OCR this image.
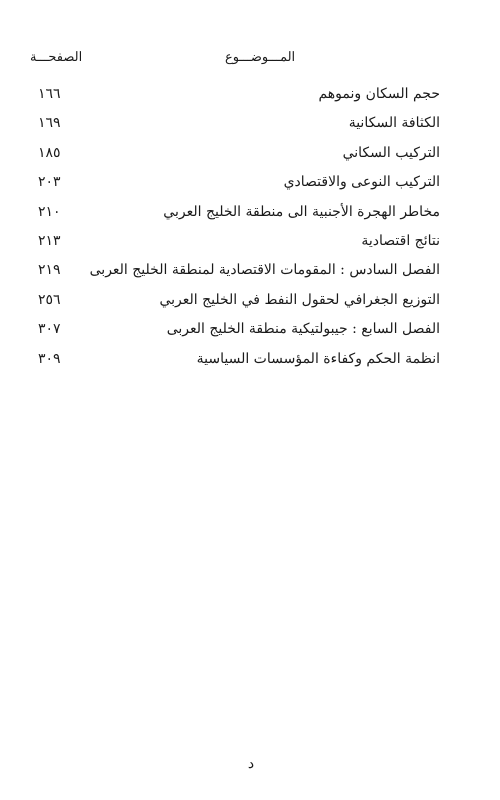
الصفحـــة	المـــوضـــوع
حجم السكان ونموهم
١٦٦
الكثافة السكانية
١٦٩
التركيب السكاني
١٨٥
التركيب النوعى والاقتصادي
٢٠٣
مخاطر الهجرة الأجنبية الى منطقة الخليج العربي
٢١٠
نتائج اقتصادية
٢١٣
الفصل السادس : المقومات الاقتصادية لمنطقة الخليج العربى
٢١٩
التوزيع الجغرافي لحقول النفط في الخليج العربي
٢٥٦
الفصل السابع : جيبولتيكية منطقة الخليج العربى
٣٠٧
انظمة الحكم وكفاءة المؤسسات السياسية
٣٠٩
د
